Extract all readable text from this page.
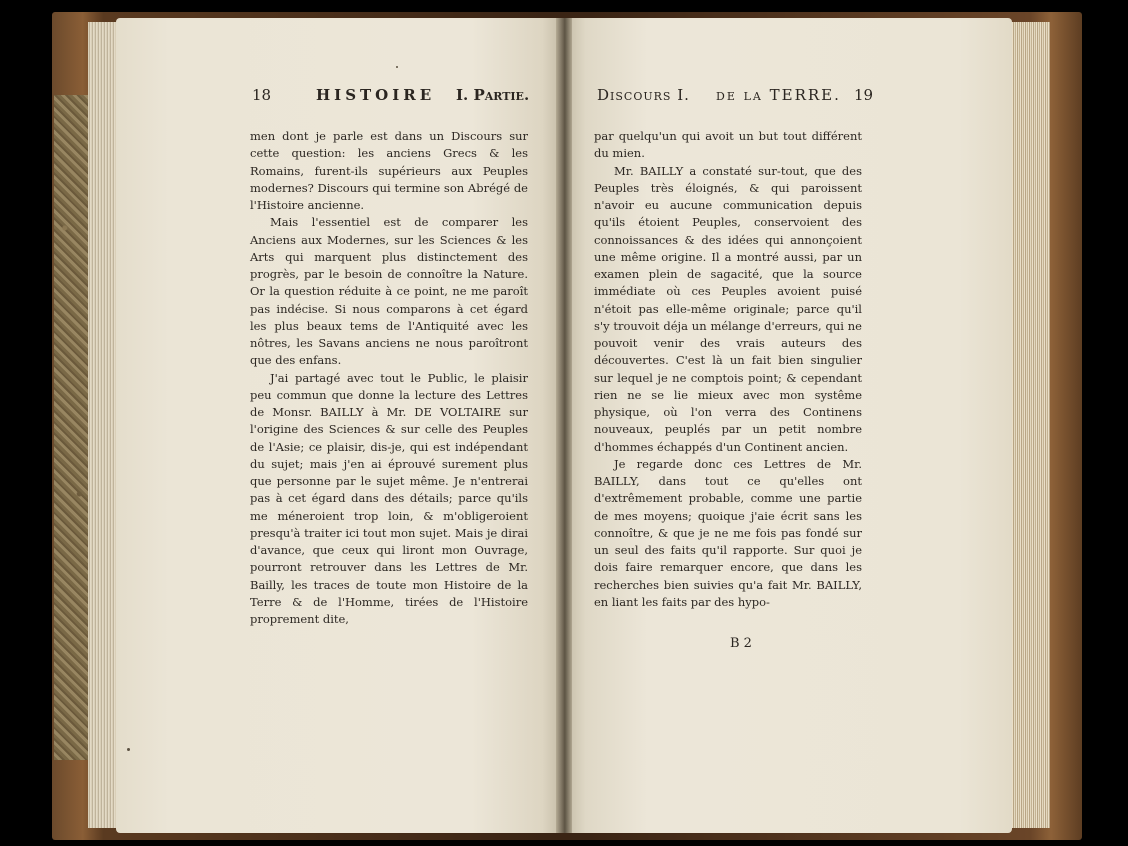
18	HISTOIRE I. Partie.	Discours I. de la TERRE. 19

men dont je parle est dans un Discours sur cette question: les anciens Grecs & les Romains, furent-ils supérieurs aux Peuples modernes? Discours qui termine son Abrégé de l'Histoire ancienne.

Mais l'essentiel est de comparer les Anciens aux Modernes, sur les Sciences & les Arts qui marquent plus distinctement des progrès, par le besoin de connoître la Nature. Or la question réduite à ce point, ne me paroît pas indécise. Si nous comparons à cet égard les plus beaux tems de l'Antiquité avec les nôtres, les Savans anciens ne nous paroîtront que des enfans.

J'ai partagé avec tout le Public, le plaisir peu commun que donne la lecture des Lettres de Monsr. BAILLY à Mr. DE VOLTAIRE sur l'origine des Sciences & sur celle des Peuples de l'Asie; ce plaisir, dis-je, qui est indépendant du sujet; mais j'en ai éprouvé surement plus que personne par le sujet même. Je n'entrerai pas à cet égard dans des détails; parce qu'ils me méneroient trop loin, & m'obligeroient presqu'à traiter ici tout mon sujet. Mais je dirai d'avance, que ceux qui liront mon Ouvrage, pourront retrouver dans les Lettres de Mr. Bailly, les traces de toute mon Histoire de la Terre & de l'Homme, tirées de l'Histoire proprement dite,

par quelqu'un qui avoit un but tout différent du mien.

Mr. BAILLY a constaté sur-tout, que des Peuples très éloignés, & qui paroissent n'avoir eu aucune communication depuis qu'ils étoient Peuples, conservoient des connoissances & des idées qui annonçoient une même origine. Il a montré aussi, par un examen plein de sagacité, que la source immédiate où ces Peuples avoient puisé n'étoit pas elle-même originale; parce qu'il s'y trouvoit déja un mélange d'erreurs, qui ne pouvoit venir des vrais auteurs des découvertes. C'est là un fait bien singulier sur lequel je ne comptois point; & cependant rien ne se lie mieux avec mon systême physique, où l'on verra des Continens nouveaux, peuplés par un petit nombre d'hommes échappés d'un Continent ancien.

Je regarde donc ces Lettres de Mr. BAILLY, dans tout ce qu'elles ont d'extrêmement probable, comme une partie de mes moyens; quoique j'aie écrit sans les connoître, & que je ne me fois pas fondé sur un seul des faits qu'il rapporte. Sur quoi je dois faire remarquer encore, que dans les recherches bien suivies qu'a fait Mr. BAILLY, en liant les faits par des hypo-

B 2
